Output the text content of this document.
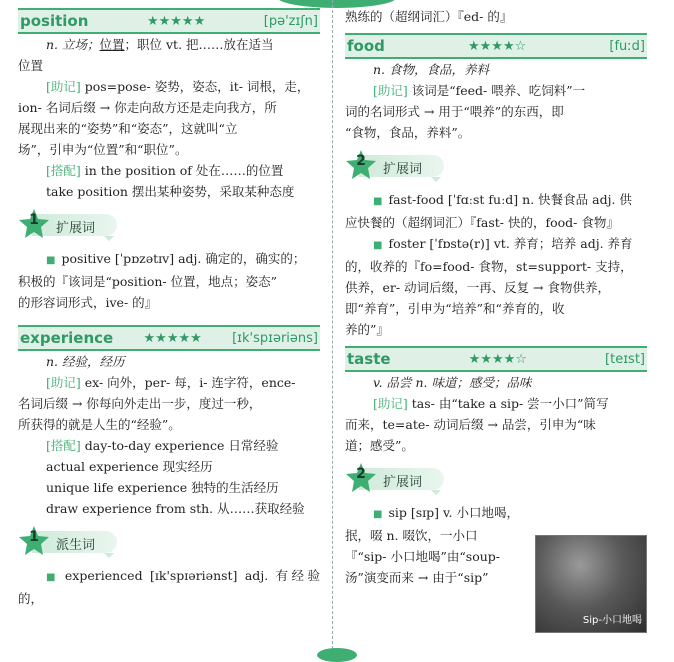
position	★★★★★	[pə'zɪʃn]

n. 立场；位置；职位 vt. 把……放在适当

位置

[助记] pos=pose- 姿势，姿态，it- 词根，走，

ion- 名词后缀 → 你走向敌方还是走向我方，所

展现出来的“姿势”和“姿态”，这就叫“立

场”，引申为“位置”和“职位”。

[搭配] in the position of 处在……的位置

take position 摆出某种姿势，采取某种态度

1
扩展词

■ positive [ˈpɒzətɪv] adj. 确定的，确实的；

积极的『该词是“position- 位置，地点；姿态”

的形容词形式，ive- 的』

experience ★★★★★ [ɪk'spɪəriəns]

n. 经验，经历

[助记] ex- 向外，per- 每，i- 连字符，ence-

名词后缀 → 你每向外走出一步，度过一秒，

所获得的就是人生的“经验”。

[搭配] day-to-day experience 日常经验

actual experience 现实经历

unique life experience 独特的生活经历

draw experience from sth. 从……获取经验

1
派生词

■ experienced [ɪk'spɪəriənst] adj. 有经验的，

熟练的（超纲词汇）『ed- 的』

food	★★★★☆	[fuːd]

n. 食物，食品，养料

[助记] 该词是“feed- 喂养、吃饲料”一

词的名词形式 → 用于“喂养”的东西，即

“食物，食品，养料”。

2
扩展词

■ fast-food [ˈfɑːst fuːd] n. 快餐食品 adj. 供

应快餐的（超纲词汇）『fast- 快的，food- 食物』

■ foster [ˈfɒstə(r)] vt. 养育；培养 adj. 养育

的，收养的『fo=food- 食物，st=support- 支持，

供养，er- 动词后缀，一再、反复 → 食物供养，

即“养育”，引申为“培养”和“养育的，收

养的”』

taste	★★★★☆	[teɪst]

v. 品尝 n. 味道；感受；品味

[助记] tas- 由“take a sip- 尝一小口”简写

而来，te=ate- 动词后缀 → 品尝，引申为“味

道；感受”。

2
扩展词

■ sip [sɪp] v. 小口地喝，

抿，啜 n. 啜饮，一小口

『“sip- 小口地喝”由“soup-

汤”演变而来 → 由于“sip”

Sip-小口地喝
